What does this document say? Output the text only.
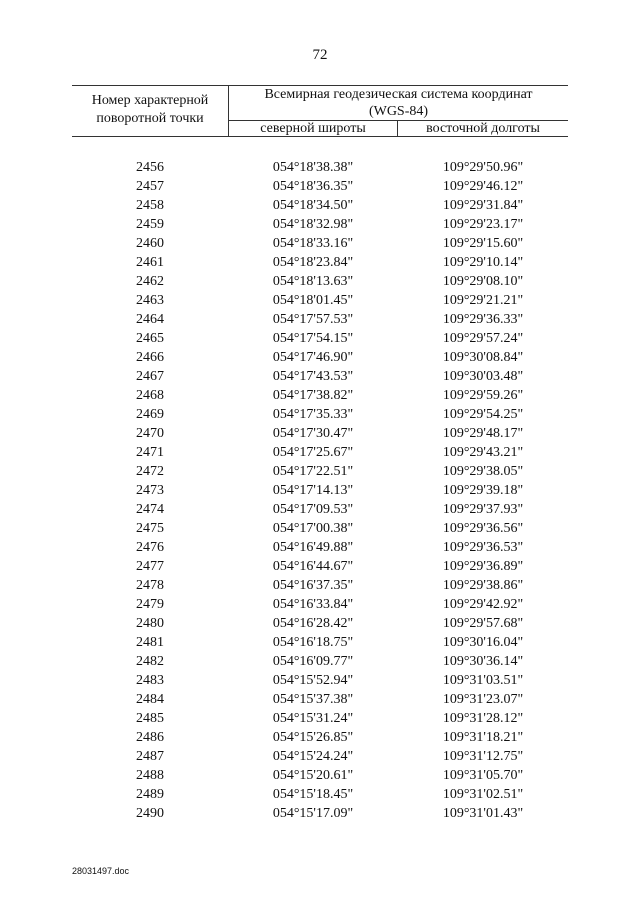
72
Номер характерной
поворотной точки
Всемирная геодезическая система координат
(WGS-84)
северной широты	восточной долготы
2456	054°18'38.38"	109°29'50.96"
2457	054°18'36.35"	109°29'46.12"
2458	054°18'34.50"	109°29'31.84"
2459	054°18'32.98"	109°29'23.17"
2460	054°18'33.16"	109°29'15.60"
2461	054°18'23.84"	109°29'10.14"
2462	054°18'13.63"	109°29'08.10"
2463	054°18'01.45"	109°29'21.21"
2464	054°17'57.53"	109°29'36.33"
2465	054°17'54.15"	109°29'57.24"
2466	054°17'46.90"	109°30'08.84"
2467	054°17'43.53"	109°30'03.48"
2468	054°17'38.82"	109°29'59.26"
2469	054°17'35.33"	109°29'54.25"
2470	054°17'30.47"	109°29'48.17"
2471	054°17'25.67"	109°29'43.21"
2472	054°17'22.51"	109°29'38.05"
2473	054°17'14.13"	109°29'39.18"
2474	054°17'09.53"	109°29'37.93"
2475	054°17'00.38"	109°29'36.56"
2476	054°16'49.88"	109°29'36.53"
2477	054°16'44.67"	109°29'36.89"
2478	054°16'37.35"	109°29'38.86"
2479	054°16'33.84"	109°29'42.92"
2480	054°16'28.42"	109°29'57.68"
2481	054°16'18.75"	109°30'16.04"
2482	054°16'09.77"	109°30'36.14"
2483	054°15'52.94"	109°31'03.51"
2484	054°15'37.38"	109°31'23.07"
2485	054°15'31.24"	109°31'28.12"
2486	054°15'26.85"	109°31'18.21"
2487	054°15'24.24"	109°31'12.75"
2488	054°15'20.61"	109°31'05.70"
2489	054°15'18.45"	109°31'02.51"
2490	054°15'17.09"	109°31'01.43"
28031497.doc
